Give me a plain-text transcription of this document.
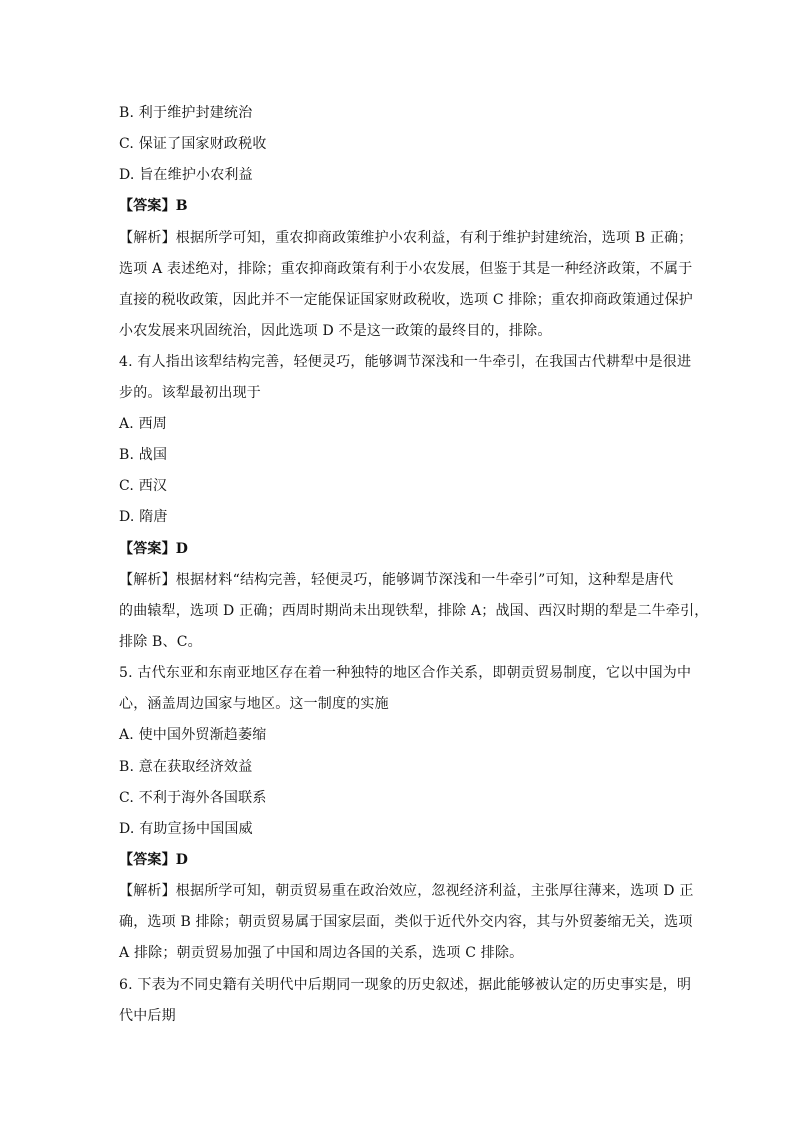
B. 利于维护封建统治
C. 保证了国家财政税收
D. 旨在维护小农利益
【答案】B
【解析】根据所学可知，重农抑商政策维护小农利益，有利于维护封建统治，选项 B 正确；
选项 A 表述绝对，排除；重农抑商政策有利于小农发展，但鉴于其是一种经济政策，不属于
直接的税收政策，因此并不一定能保证国家财政税收，选项 C 排除；重农抑商政策通过保护
小农发展来巩固统治，因此选项 D 不是这一政策的最终目的，排除。
4. 有人指出该犁结构完善，轻便灵巧，能够调节深浅和一牛牵引，在我国古代耕犁中是很进
步的。该犁最初出现于
A. 西周
B. 战国
C. 西汉
D. 隋唐
【答案】D
【解析】根据材料“结构完善，轻便灵巧，能够调节深浅和一牛牵引”可知，这种犁是唐代
的曲辕犁，选项 D 正确；西周时期尚未出现铁犁，排除 A；战国、西汉时期的犁是二牛牵引，
排除 B、C。
5. 古代东亚和东南亚地区存在着一种独特的地区合作关系，即朝贡贸易制度，它以中国为中
心，涵盖周边国家与地区。这一制度的实施
A. 使中国外贸渐趋萎缩
B. 意在获取经济效益
C. 不利于海外各国联系
D. 有助宣扬中国国威
【答案】D
【解析】根据所学可知，朝贡贸易重在政治效应，忽视经济利益，主张厚往薄来，选项 D 正
确，选项 B 排除；朝贡贸易属于国家层面，类似于近代外交内容，其与外贸萎缩无关，选项
A 排除；朝贡贸易加强了中国和周边各国的关系，选项 C 排除。
6. 下表为不同史籍有关明代中后期同一现象的历史叙述，据此能够被认定的历史事实是，明
代中后期
